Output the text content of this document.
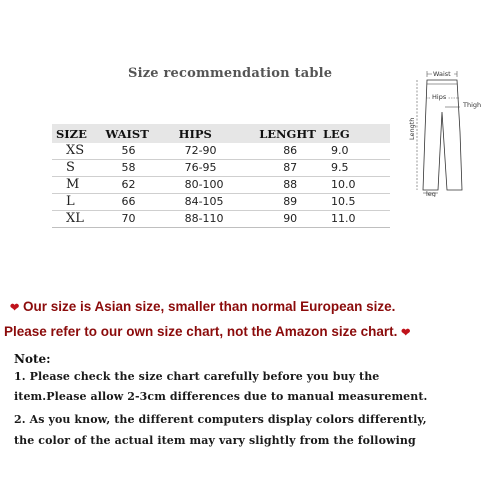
Size recommendation table
SIZE	WAIST	HIPS	LENGHT	LEG
XS	56	72-90	86	9.0
S	58	76-95	87	9.5
M	62	80-100	88	10.0
L	66	84-105	89	10.5
XL	70	88-110	90	11.0
Waist
Hips
Thigh
Length
leg
❤ Our size is Asian size, smaller than normal European size.
Please refer to our own size chart, not the Amazon size chart. ❤
Note:
1. Please check the size chart carefully before you buy the
item.Please allow 2-3cm differences due to manual measurement.
2. As you know, the different computers display colors differently,
the color of the actual item may vary slightly from the following
